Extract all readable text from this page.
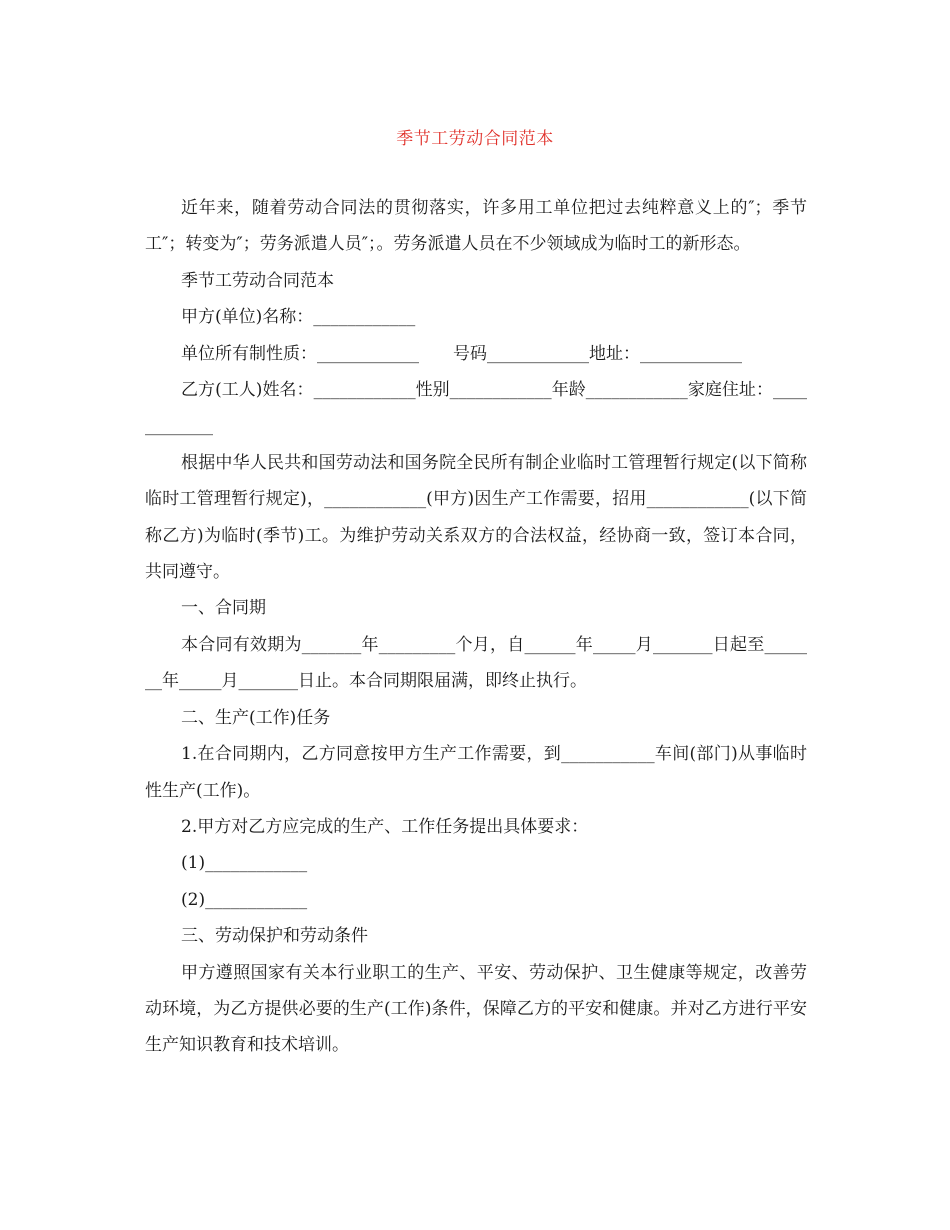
季节工劳动合同范本

近年来，随着劳动合同法的贯彻落实，许多用工单位把过去纯粹意义上的″；季节工″；转变为″；劳务派遣人员″；。劳务派遣人员在不少领域成为临时工的新形态。

季节工劳动合同范本

甲方(单位)名称：____________

单位所有制性质：____________　　号码____________地址：____________

乙方(工人)姓名：____________性别____________年龄____________家庭住址：____________

根据中华人民共和国劳动法和国务院全民所有制企业临时工管理暂行规定(以下简称临时工管理暂行规定)，____________(甲方)因生产工作需要，招用____________(以下简称乙方)为临时(季节)工。为维护劳动关系双方的合法权益，经协商一致，签订本合同，共同遵守。

一、合同期

本合同有效期为_______年_________个月，自______年_____月_______日起至_______年_____月_______日止。本合同期限届满，即终止执行。

二、生产(工作)任务

1.在合同期内，乙方同意按甲方生产工作需要，到___________车间(部门)从事临时性生产(工作)。

2.甲方对乙方应完成的生产、工作任务提出具体要求：

(1)____________

(2)____________

三、劳动保护和劳动条件

甲方遵照国家有关本行业职工的生产、平安、劳动保护、卫生健康等规定，改善劳动环境，为乙方提供必要的生产(工作)条件，保障乙方的平安和健康。并对乙方进行平安生产知识教育和技术培训。
